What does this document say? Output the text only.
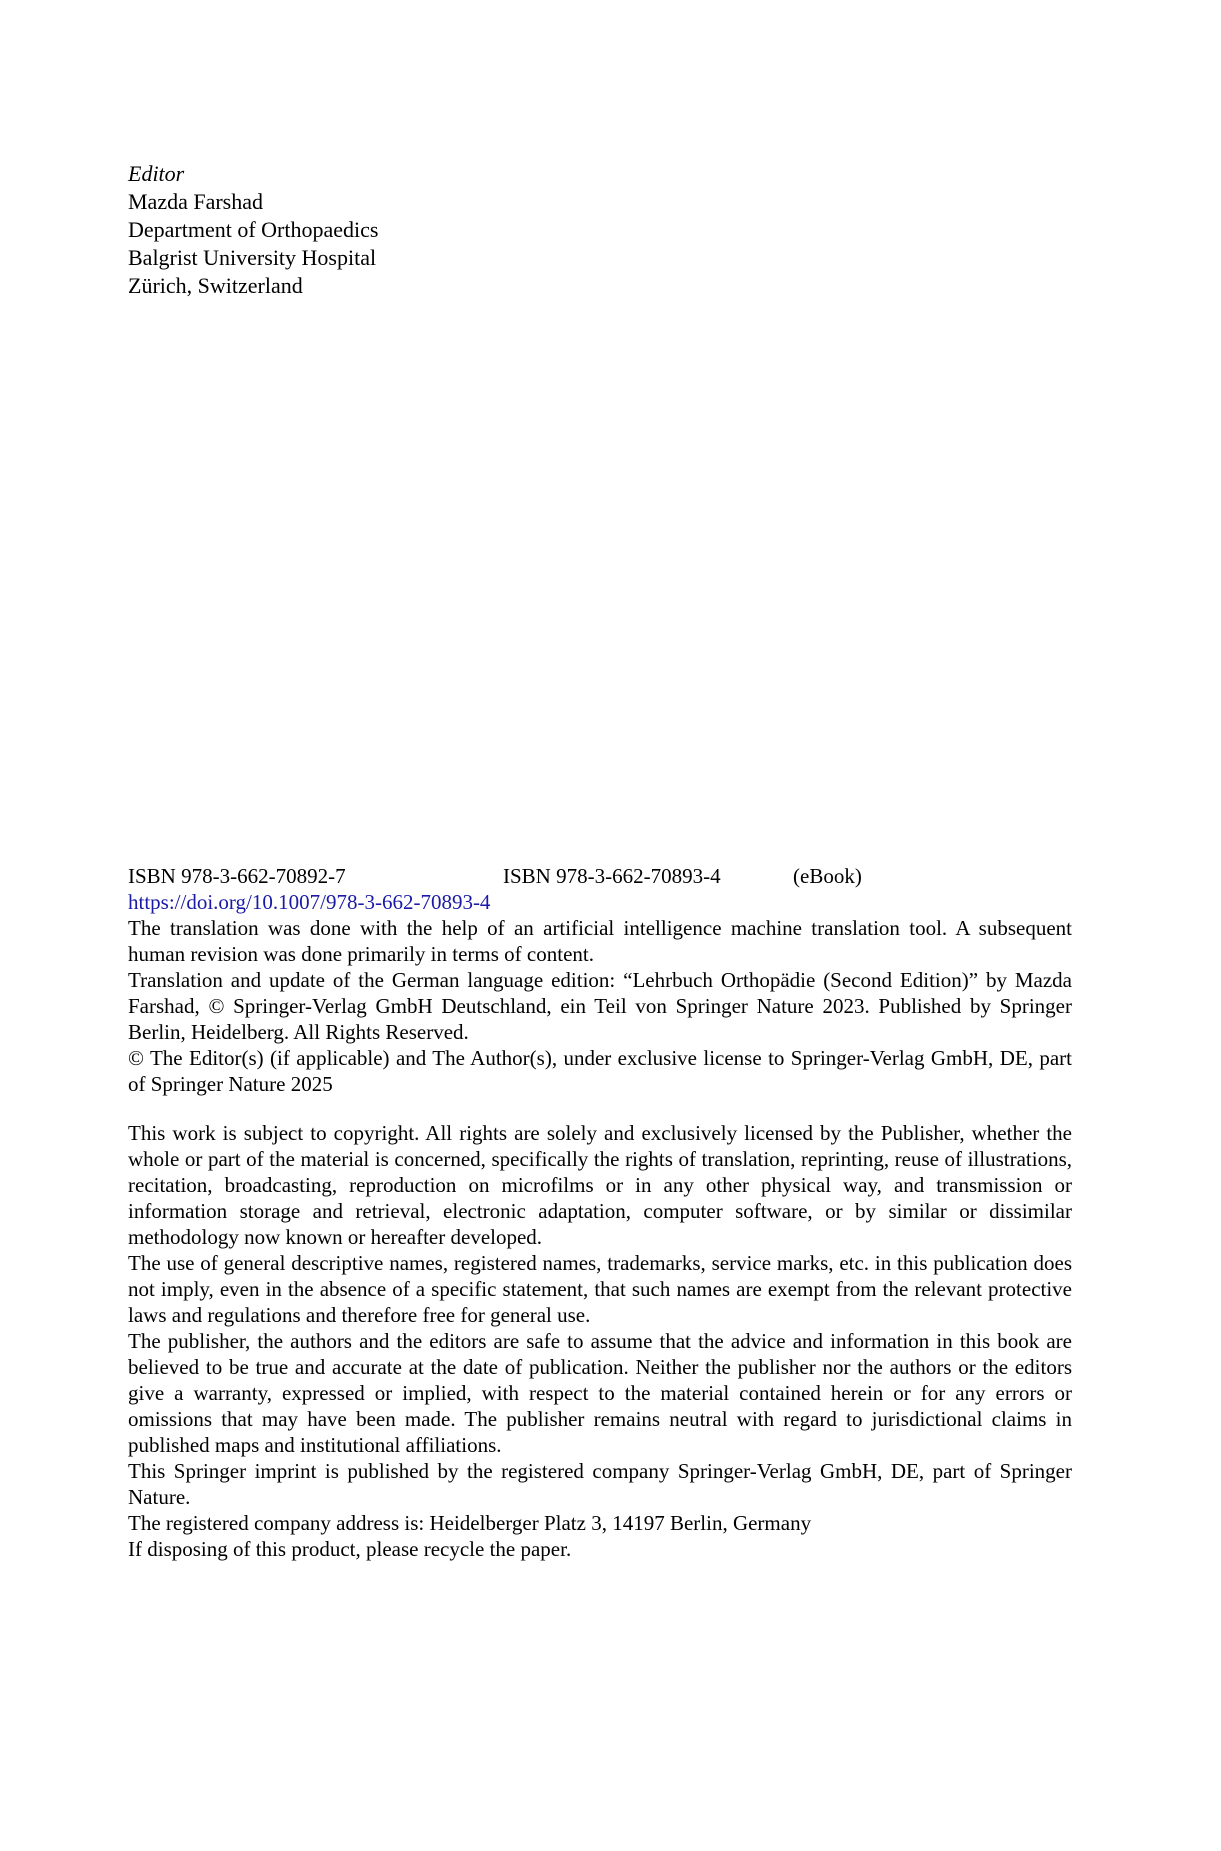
Editor

Mazda Farshad

Department of Orthopaedics

Balgrist University Hospital

Zürich, Switzerland

ISBN 978-3-662-70892-7	ISBN 978-3-662-70893-4	(eBook)

https://doi.org/10.1007/978-3-662-70893-4

The translation was done with the help of an artificial intelligence machine translation tool. A subsequent human revision was done primarily in terms of content.

Translation and update of the German language edition: “Lehrbuch Orthopädie (Second Edition)” by Mazda Farshad, © Springer-Verlag GmbH Deutschland, ein Teil von Springer Nature 2023. Published by Springer Berlin, Heidelberg. All Rights Reserved.

© The Editor(s) (if applicable) and The Author(s), under exclusive license to Springer-Verlag GmbH, DE, part of Springer Nature 2025

This work is subject to copyright. All rights are solely and exclusively licensed by the Publisher, whether the whole or part of the material is concerned, specifically the rights of translation, reprinting, reuse of illustrations, recitation, broadcasting, reproduction on microfilms or in any other physical way, and transmission or information storage and retrieval, electronic adaptation, computer software, or by similar or dissimilar methodology now known or hereafter developed.

The use of general descriptive names, registered names, trademarks, service marks, etc. in this publication does not imply, even in the absence of a specific statement, that such names are exempt from the relevant protective laws and regulations and therefore free for general use.

The publisher, the authors and the editors are safe to assume that the advice and information in this book are believed to be true and accurate at the date of publication. Neither the publisher nor the authors or the editors give a warranty, expressed or implied, with respect to the material contained herein or for any errors or omissions that may have been made. The publisher remains neutral with regard to jurisdictional claims in published maps and institutional affiliations.

This Springer imprint is published by the registered company Springer-Verlag GmbH, DE, part of Springer Nature.

The registered company address is: Heidelberger Platz 3, 14197 Berlin, Germany

If disposing of this product, please recycle the paper.
